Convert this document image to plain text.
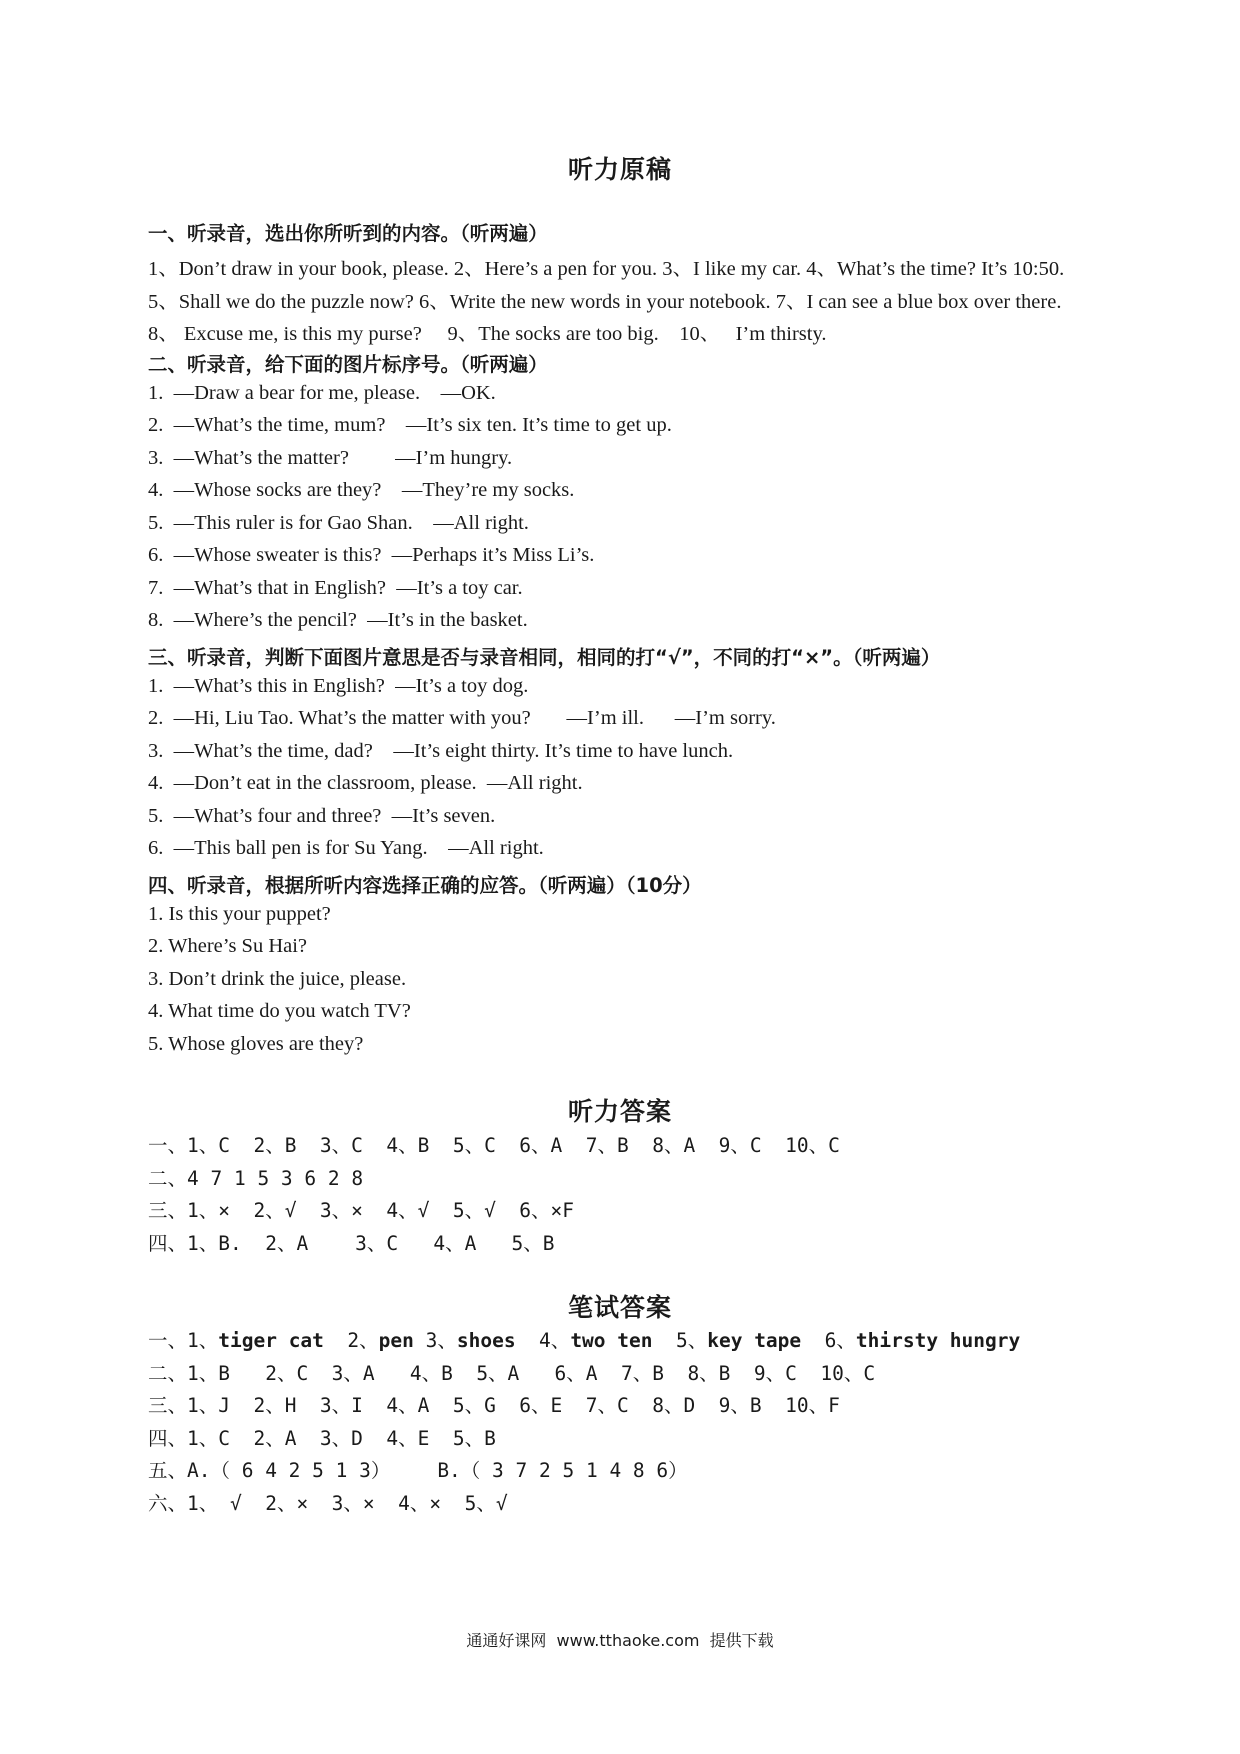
听力原稿
一、听录音，选出你所听到的内容。（听两遍）
1、Don’t draw in your book, please. 2、Here’s a pen for you. 3、I like my car. 4、What’s the time? It’s 10:50.
5、Shall we do the puzzle now? 6、Write the new words in your notebook. 7、I can see a blue box over there.
8、 Excuse me, is this my purse?     9、The socks are too big.    10、   I’m thirsty.
二、听录音，给下面的图片标序号。（听两遍）
1.  —Draw a bear for me, please.    —OK.
2.  —What’s the time, mum?    —It’s six ten. It’s time to get up.
3.  —What’s the matter?         —I’m hungry.
4.  —Whose socks are they?    —They’re my socks.
5.  —This ruler is for Gao Shan.    —All right.
6.  —Whose sweater is this?  —Perhaps it’s Miss Li’s.
7.  —What’s that in English?  —It’s a toy car.
8.  —Where’s the pencil?  —It’s in the basket.
三、听录音，判断下面图片意思是否与录音相同，相同的打“√”，不同的打“×”。（听两遍）
1.  —What’s this in English?  —It’s a toy dog.
2.  —Hi, Liu Tao. What’s the matter with you?       —I’m ill.      —I’m sorry.
3.  —What’s the time, dad?    —It’s eight thirty. It’s time to have lunch.
4.  —Don’t eat in the classroom, please.  —All right.
5.  —What’s four and three?  —It’s seven.
6.  —This ball pen is for Su Yang.    —All right.
四、听录音，根据所听内容选择正确的应答。（听两遍）（10分）
1. Is this your puppet?
2. Where’s Su Hai?
3. Don’t drink the juice, please.
4. What time do you watch TV?
5. Whose gloves are they?
听力答案
一、1、C  2、B  3、C  4、B  5、C  6、A  7、B  8、A  9、C  10、C
二、4 7 1 5 3 6 2 8
三、1、×  2、√  3、×  4、√  5、√  6、×F
四、1、B.  2、A    3、C   4、A   5、B
笔试答案
一、1、tiger cat  2、pen 3、shoes  4、two ten  5、key tape  6、thirsty hungry
二、1、B   2、C  3、A   4、B  5、A   6、A  7、B  8、B  9、C  10、C
三、1、J  2、H  3、I  4、A  5、G  6、E  7、C  8、D  9、B  10、F
四、1、C  2、A  3、D  4、E  5、B
五、A.（ 6 4 2 5 1 3）    B.（ 3 7 2 5 1 4 8 6）
六、1、 √  2、×  3、×  4、×  5、√
通通好课网  www.tthaoke.com  提供下载
